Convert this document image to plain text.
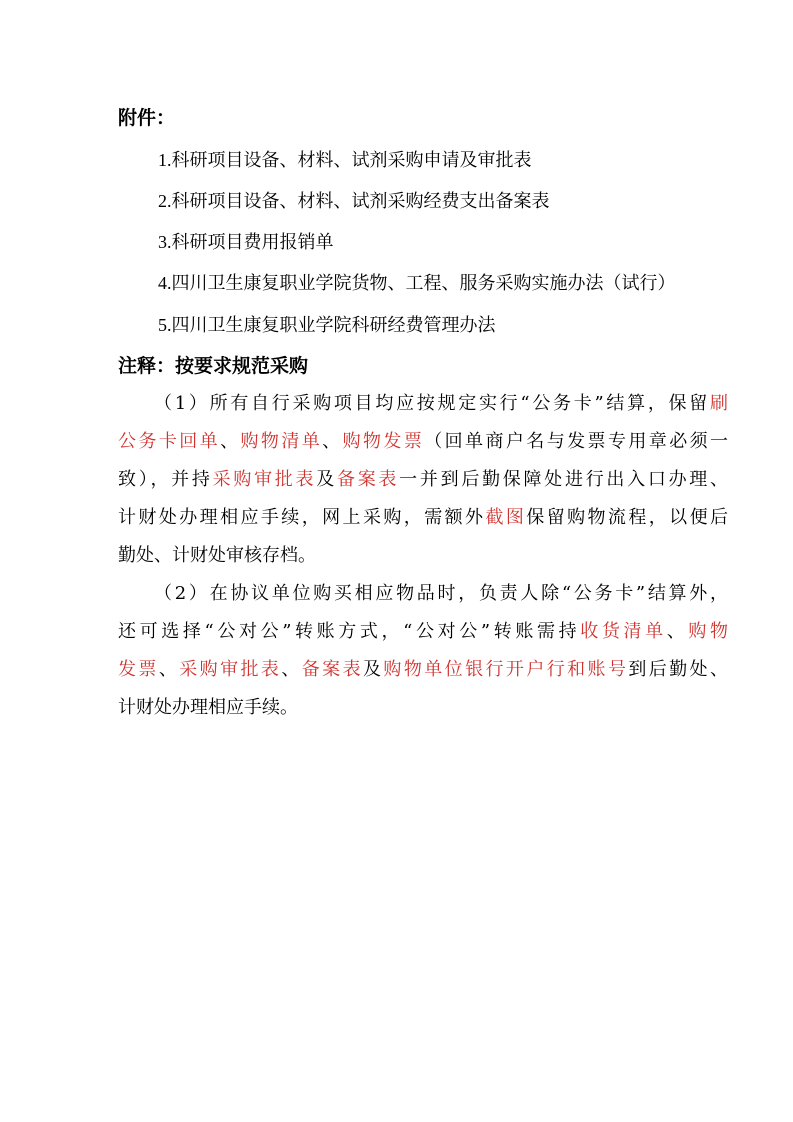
附件：
1.科研项目设备、材料、试剂采购申请及审批表
2.科研项目设备、材料、试剂采购经费支出备案表
3.科研项目费用报销单
4.四川卫生康复职业学院货物、工程、服务采购实施办法（试行）
5.四川卫生康复职业学院科研经费管理办法
注释：按要求规范采购
（1）所有自行采购项目均应按规定实行“公务卡”结算，保留刷
公务卡回单、购物清单、购物发票（回单商户名与发票专用章必须一
致），并持采购审批表及备案表一并到后勤保障处进行出入口办理、
计财处办理相应手续，网上采购，需额外截图保留购物流程，以便后
勤处、计财处审核存档。
（2）在协议单位购买相应物品时，负责人除“公务卡”结算外，
还可选择“公对公”转账方式，“公对公”转账需持收货清单、购物
发票、采购审批表、备案表及购物单位银行开户行和账号到后勤处、
计财处办理相应手续。
